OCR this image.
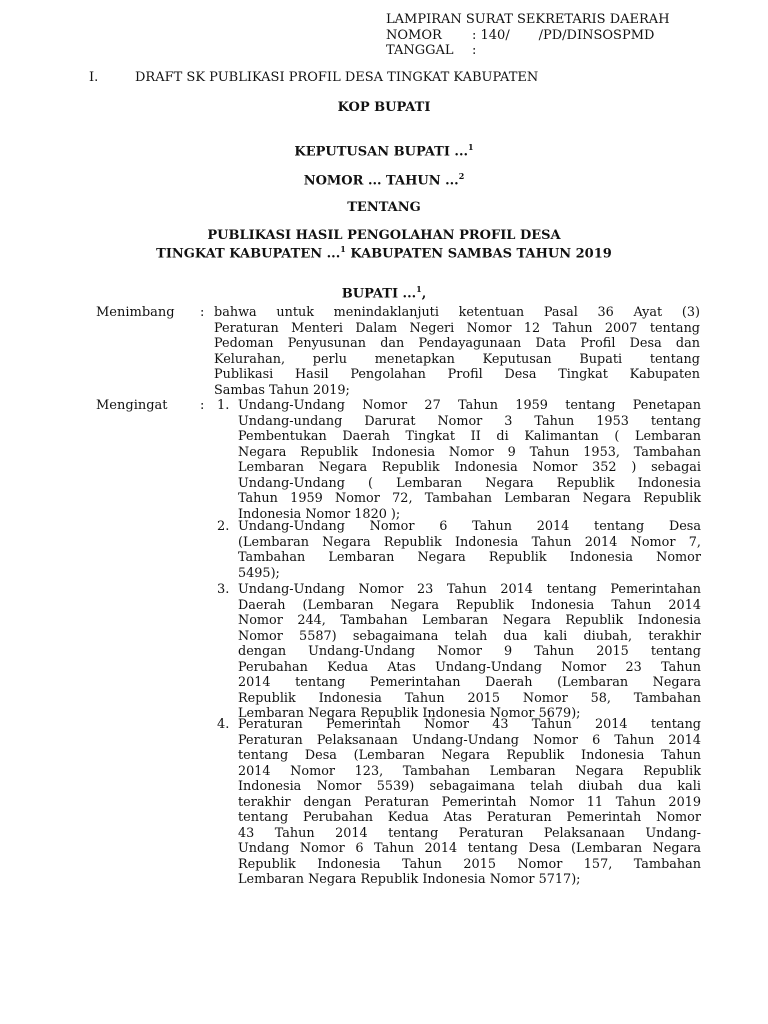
LAMPIRAN SURAT SEKRETARIS DAERAH
NOMOR : 140/       /PD/DINSOSPMD
TANGGAL :
I.	DRAFT SK PUBLIKASI PROFIL DESA TINGKAT KABUPATEN
KOP BUPATI
KEPUTUSAN BUPATI ...$^1$
NOMOR ... TAHUN ...$^2$
TENTANG
PUBLIKASI HASIL PENGOLAHAN PROFIL DESA
TINGKAT KABUPATEN ...$^1$ KABUPATEN SAMBAS TAHUN 2019
BUPATI ...$^1$,
Menimbang : bahwa untuk menindaklanjuti ketentuan Pasal 36 Ayat (3)
Peraturan Menteri Dalam Negeri Nomor 12 Tahun 2007 tentang
Pedoman Penyusunan dan Pendayagunaan Data Profil Desa dan
Kelurahan, perlu menetapkan Keputusan Bupati tentang
Publikasi Hasil Pengolahan Profil Desa Tingkat Kabupaten
Sambas Tahun 2019;
Mengingat : 1. Undang-Undang Nomor 27 Tahun 1959 tentang Penetapan
Undang-undang Darurat Nomor 3 Tahun 1953 tentang
Pembentukan Daerah Tingkat II di Kalimantan ( Lembaran
Negara Republik Indonesia Nomor 9 Tahun 1953, Tambahan
Lembaran Negara Republik Indonesia Nomor 352 ) sebagai
Undang-Undang ( Lembaran Negara Republik Indonesia
Tahun 1959 Nomor 72, Tambahan Lembaran Negara Republik
Indonesia Nomor 1820 );
2. Undang-Undang Nomor 6 Tahun 2014 tentang Desa
(Lembaran Negara Republik Indonesia Tahun 2014 Nomor 7,
Tambahan Lembaran Negara Republik Indonesia Nomor
5495);
3. Undang-Undang Nomor 23 Tahun 2014 tentang Pemerintahan
Daerah (Lembaran Negara Republik Indonesia Tahun 2014
Nomor 244, Tambahan Lembaran Negara Republik Indonesia
Nomor 5587) sebagaimana telah dua kali diubah, terakhir
dengan Undang-Undang Nomor 9 Tahun 2015 tentang
Perubahan Kedua Atas Undang-Undang Nomor 23 Tahun
2014 tentang Pemerintahan Daerah (Lembaran Negara
Republik Indonesia Tahun 2015 Nomor 58, Tambahan
Lembaran Negara Republik Indonesia Nomor 5679);
4. Peraturan Pemerintah Nomor 43 Tahun 2014 tentang
Peraturan Pelaksanaan Undang-Undang Nomor 6 Tahun 2014
tentang Desa (Lembaran Negara Republik Indonesia Tahun
2014 Nomor 123, Tambahan Lembaran Negara Republik
Indonesia Nomor 5539) sebagaimana telah diubah dua kali
terakhir dengan Peraturan Pemerintah Nomor 11 Tahun 2019
tentang Perubahan Kedua Atas Peraturan Pemerintah Nomor
43 Tahun 2014 tentang Peraturan Pelaksanaan Undang-
Undang Nomor 6 Tahun 2014 tentang Desa (Lembaran Negara
Republik Indonesia Tahun 2015 Nomor 157, Tambahan
Lembaran Negara Republik Indonesia Nomor 5717);
